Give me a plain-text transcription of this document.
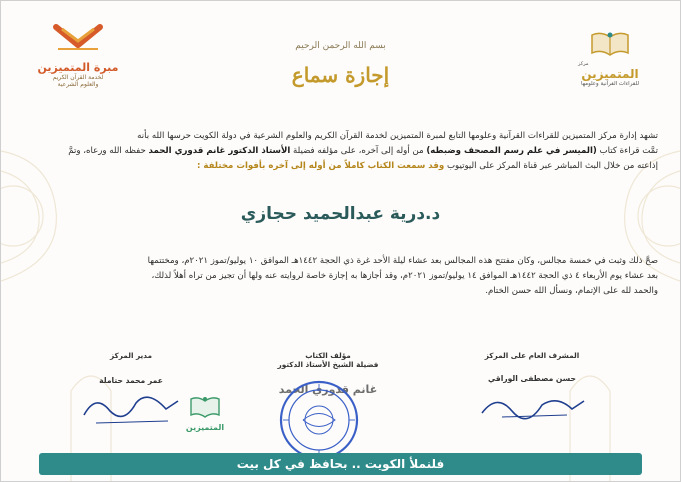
مبرة المتميزين
لخدمة القرآن الكريم
والعلوم الشرعية
مركز
المتميزين
للقراءات القرآنية وعلومها
بسم الله الرحمن الرحيم
إجازة سماع
تشهد إدارة مركز المتميزين للقراءات القرآنية وعلومها التابع لمبرة المتميزين لخدمة القرآن الكريم والعلوم الشرعية في دولة الكويت حرسها الله بأنه
تمَّت قراءة كتاب (الميسر في علم رسم المصحف وضبطه) من أوله إلى آخره، على مؤلفه فضيلة الأستاذ الدكتور غانم قدوري الحمد حفظه الله ورعاه، وتمَّ
إذاعته من خلال البث المباشر عبر قناة المركز على اليوتيوب وقد سمعت الكتاب كاملاً من أوله إلى آخره بأفوات مختلفة :
د.درية عبدالحميد حجازي
صحَّ ذلك وثبت في خمسة مجالس، وكان مفتتح هذه المجالس بعد عشاء ليلة الأحد غرة ذي الحجة ١٤٤٢هـ الموافق ١٠ يوليو/تموز ٢٠٢١م، ومختتمها
بعد عشاء يوم الأربعاء ٤ ذي الحجة ١٤٤٢هـ الموافق ١٤ يوليو/تموز ٢٠٢١م، وقد أجازها به إجازة خاصة لروايته عنه ولها أن تجيز من تراه أهلاً لذلك،
والحمد لله على الإتمام، ونسأل الله حسن الختام.
المشرف العام على المركز
حسن مصطفى الوراقي
مؤلف الكتاب
فضيلة الشيخ الأستاذ الدكتور
غانم قدوري الحمد
مدير المركز
عمر محمد حتاملة
المتميزين
فلنملأ الكويت .. بحافظ في كل بيت
